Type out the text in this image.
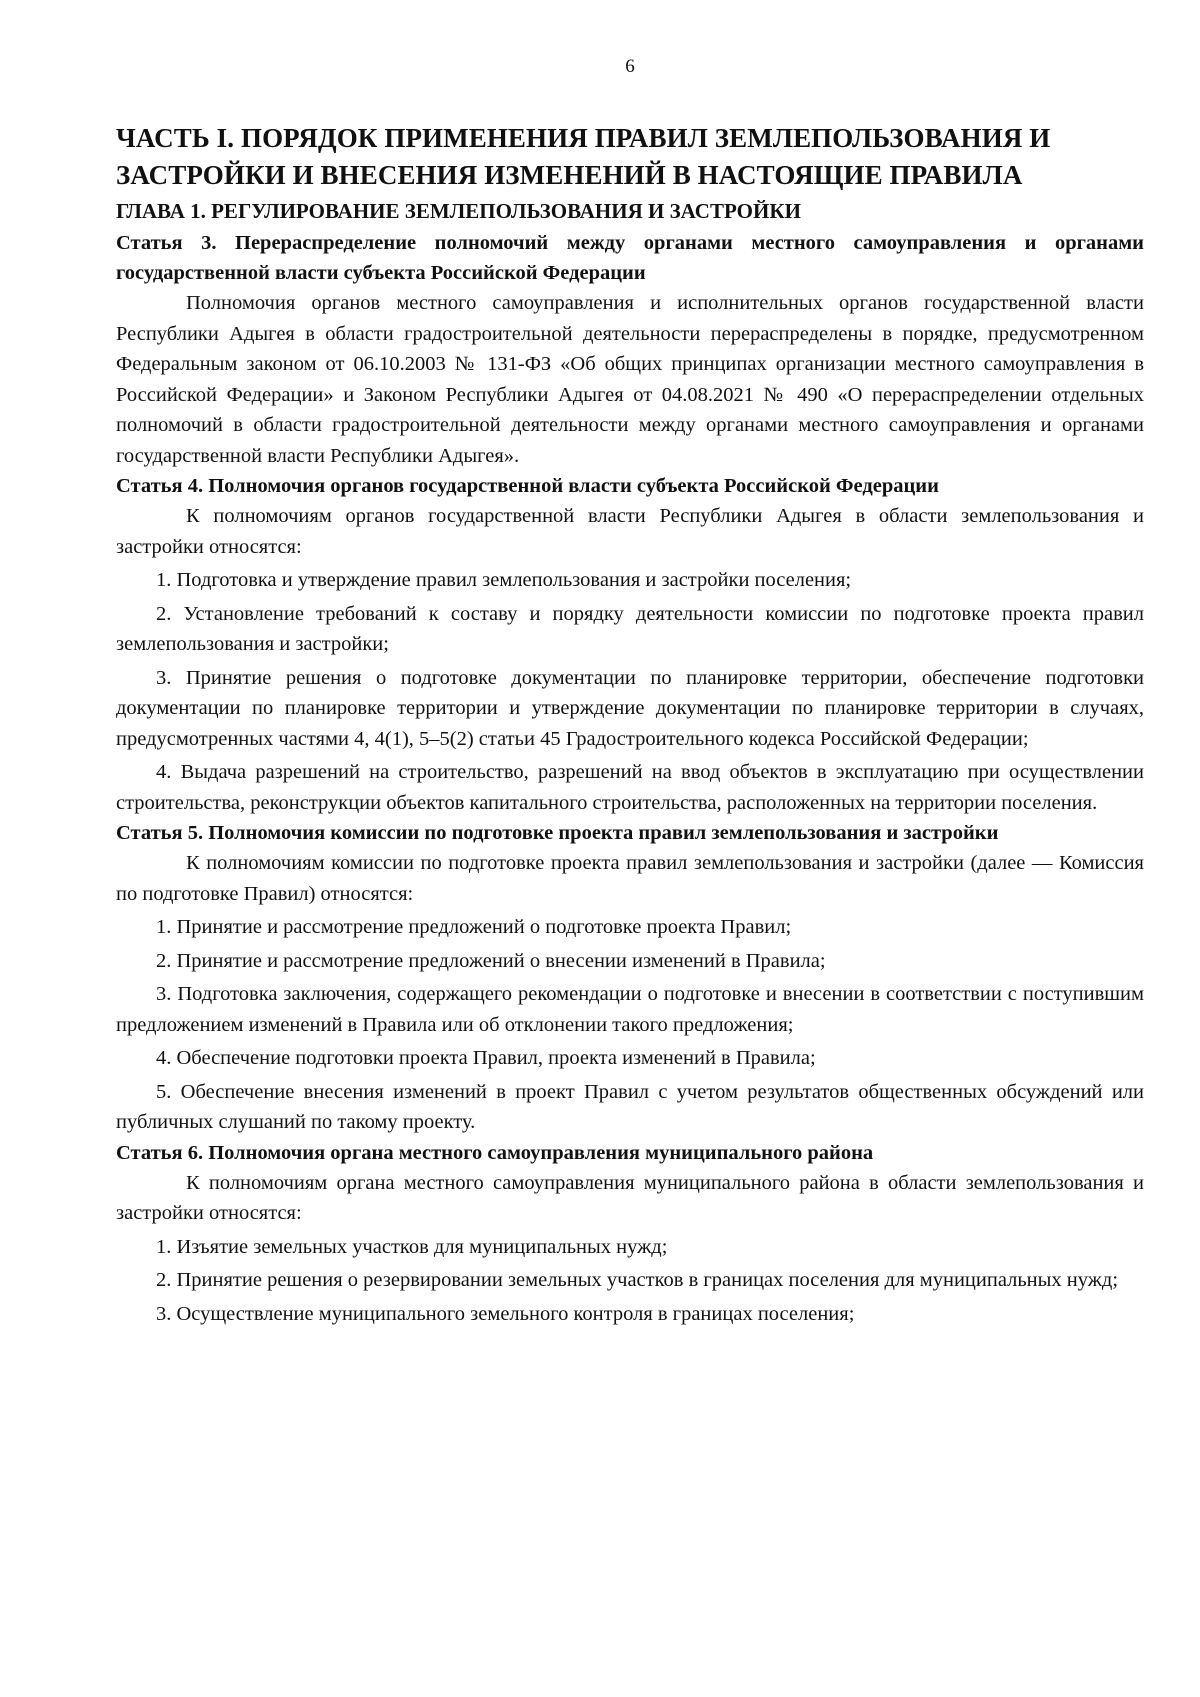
6
ЧАСТЬ I. ПОРЯДОК ПРИМЕНЕНИЯ ПРАВИЛ ЗЕМЛЕПОЛЬЗОВАНИЯ И ЗАСТРОЙКИ И ВНЕСЕНИЯ ИЗМЕНЕНИЙ В НАСТОЯЩИЕ ПРАВИЛА
ГЛАВА 1. РЕГУЛИРОВАНИЕ ЗЕМЛЕПОЛЬЗОВАНИЯ И ЗАСТРОЙКИ
Статья 3. Перераспределение полномочий между органами местного самоуправления и органами государственной власти субъекта Российской Федерации

Полномочия органов местного самоуправления и исполнительных органов государственной власти Республики Адыгея в области градостроительной деятельности перераспределены в порядке, предусмотренном Федеральным законом от 06.10.2003 № 131-ФЗ «Об общих принципах организации местного самоуправления в Российской Федерации» и Законом Республики Адыгея от 04.08.2021 № 490 «О перераспределении отдельных полномочий в области градостроительной деятельности между органами местного самоуправления и органами государственной власти Республики Адыгея».

Статья 4. Полномочия органов государственной власти субъекта Российской Федерации

К полномочиям органов государственной власти Республики Адыгея в области землепользования и застройки относятся:

1. Подготовка и утверждение правил землепользования и застройки поселения;

2. Установление требований к составу и порядку деятельности комиссии по подготовке проекта правил землепользования и застройки;

3. Принятие решения о подготовке документации по планировке территории, обеспечение подготовки документации по планировке территории и утверждение документации по планировке территории в случаях, предусмотренных частями 4, 4(1), 5–5(2) статьи 45 Градостроительного кодекса Российской Федерации;

4. Выдача разрешений на строительство, разрешений на ввод объектов в эксплуатацию при осуществлении строительства, реконструкции объектов капитального строительства, расположенных на территории поселения.

Статья 5. Полномочия комиссии по подготовке проекта правил землепользования и застройки

К полномочиям комиссии по подготовке проекта правил землепользования и застройки (далее — Комиссия по подготовке Правил) относятся:

1. Принятие и рассмотрение предложений о подготовке проекта Правил;

2. Принятие и рассмотрение предложений о внесении изменений в Правила;

3. Подготовка заключения, содержащего рекомендации о подготовке и внесении в соответствии с поступившим предложением изменений в Правила или об отклонении такого предложения;

4. Обеспечение подготовки проекта Правил, проекта изменений в Правила;

5. Обеспечение внесения изменений в проект Правил с учетом результатов общественных обсуждений или публичных слушаний по такому проекту.

Статья 6. Полномочия органа местного самоуправления муниципального района

К полномочиям органа местного самоуправления муниципального района в области землепользования и застройки относятся:

1. Изъятие земельных участков для муниципальных нужд;

2. Принятие решения о резервировании земельных участков в границах поселения для муниципальных нужд;

3. Осуществление муниципального земельного контроля в границах поселения;
